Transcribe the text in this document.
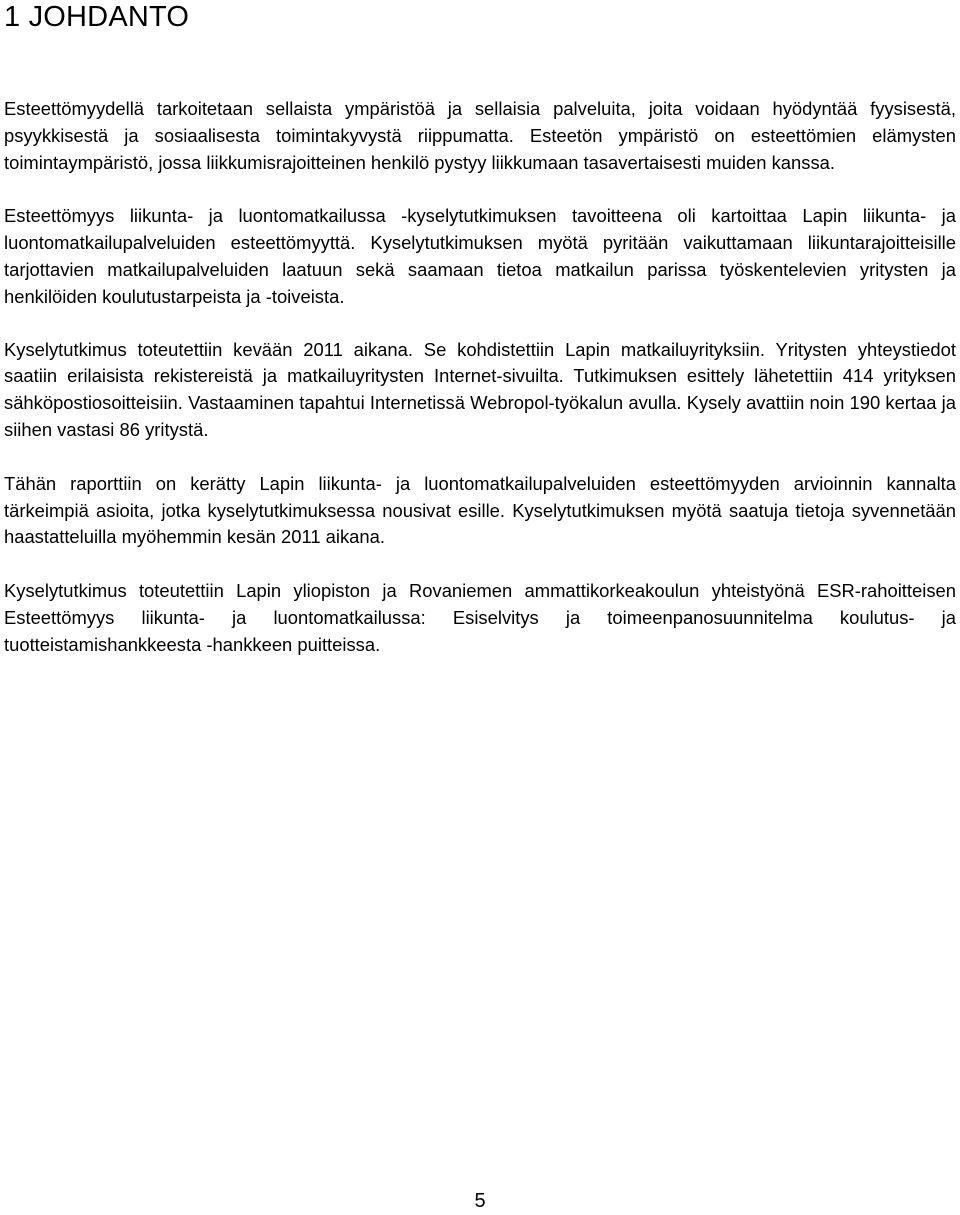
1 JOHDANTO

Esteettömyydellä tarkoitetaan sellaista ympäristöä ja sellaisia palveluita, joita voidaan hyödyntää fyysisestä, psyykkisestä ja sosiaalisesta toimintakyvystä riippumatta. Esteetön ympäristö on esteettömien elämysten toimintaympäristö, jossa liikkumisrajoitteinen henkilö pystyy liikkumaan tasavertaisesti muiden kanssa.

Esteettömyys liikunta- ja luontomatkailussa -kyselytutkimuksen tavoitteena oli kartoittaa Lapin liikunta- ja luontomatkailupalveluiden esteettömyyttä. Kyselytutkimuksen myötä pyritään vaikuttamaan liikuntarajoitteisille tarjottavien matkailupalveluiden laatuun sekä saamaan tietoa matkailun parissa työskentelevien yritysten ja henkilöiden koulutustarpeista ja -toiveista.

Kyselytutkimus toteutettiin kevään 2011 aikana. Se kohdistettiin Lapin matkailuyrityksiin. Yritysten yhteystiedot saatiin erilaisista rekistereistä ja matkailuyritysten Internet-sivuilta. Tutkimuksen esittely lähetettiin 414 yrityksen sähköpostiosoitteisiin. Vastaaminen tapahtui Internetissä Webropol-työkalun avulla. Kysely avattiin noin 190 kertaa ja siihen vastasi 86 yritystä.

Tähän raporttiin on kerätty Lapin liikunta- ja luontomatkailupalveluiden esteettömyyden arvioinnin kannalta tärkeimpiä asioita, jotka kyselytutkimuksessa nousivat esille. Kyselytutkimuksen myötä saatuja tietoja syvennetään haastatteluilla myöhemmin kesän 2011 aikana.

Kyselytutkimus toteutettiin Lapin yliopiston ja Rovaniemen ammattikorkeakoulun yhteistyönä ESR-rahoitteisen Esteettömyys liikunta- ja luontomatkailussa: Esiselvitys ja toimeenpanosuunnitelma koulutus- ja tuotteistamishankkeesta -hankkeen puitteissa.

5
